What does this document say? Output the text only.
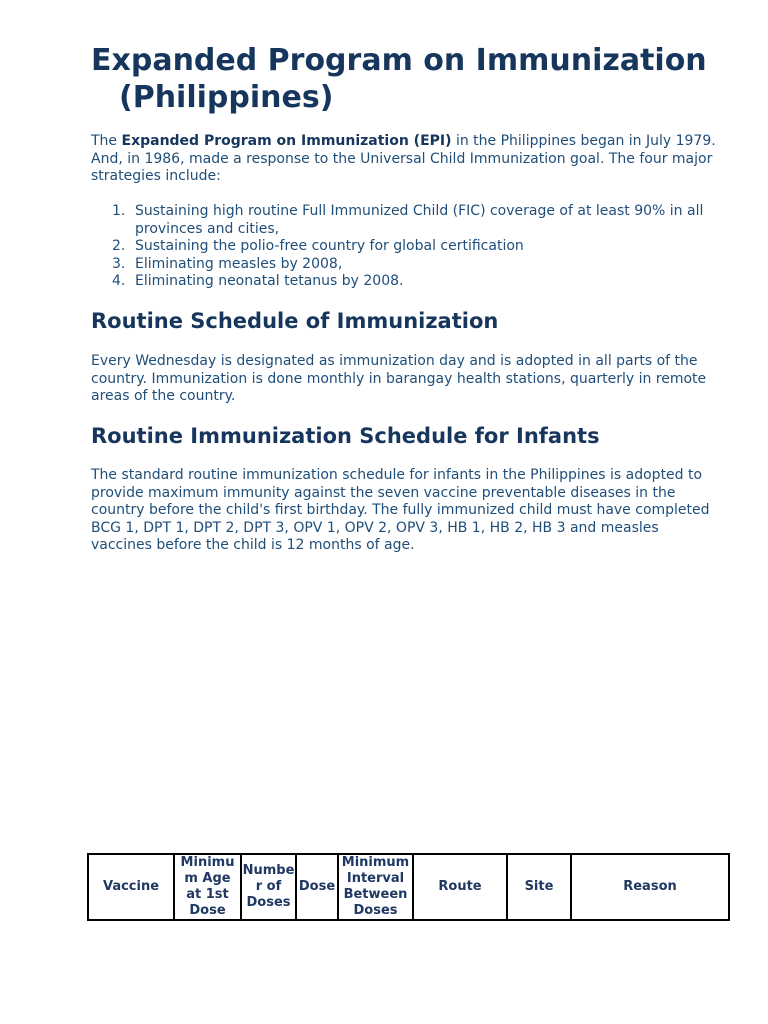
Expanded Program on Immunization
(Philippines)

The Expanded Program on Immunization (EPI) in the Philippines began in July 1979. And, in 1986, made a response to the Universal Child Immunization goal. The four major strategies include:

1. Sustaining high routine Full Immunized Child (FIC) coverage of at least 90% in all provinces and cities,
2. Sustaining the polio-free country for global certification
3. Eliminating measles by 2008,
4. Eliminating neonatal tetanus by 2008.
Routine Schedule of Immunization

Every Wednesday is designated as immunization day and is adopted in all parts of the country. Immunization is done monthly in barangay health stations, quarterly in remote areas of the country.

Routine Immunization Schedule for Infants

The standard routine immunization schedule for infants in the Philippines is adopted to provide maximum immunity against the seven vaccine preventable diseases in the country before the child's first birthday. The fully immunized child must have completed BCG 1, DPT 1, DPT 2, DPT 3, OPV 1, OPV 2, OPV 3, HB 1, HB 2, HB 3 and measles vaccines before the child is 12 months of age.

Vaccine	Minimum Age at 1st Dose	Number of Doses	Dose	Minimum Interval Between Doses	Route	Site	Reason
